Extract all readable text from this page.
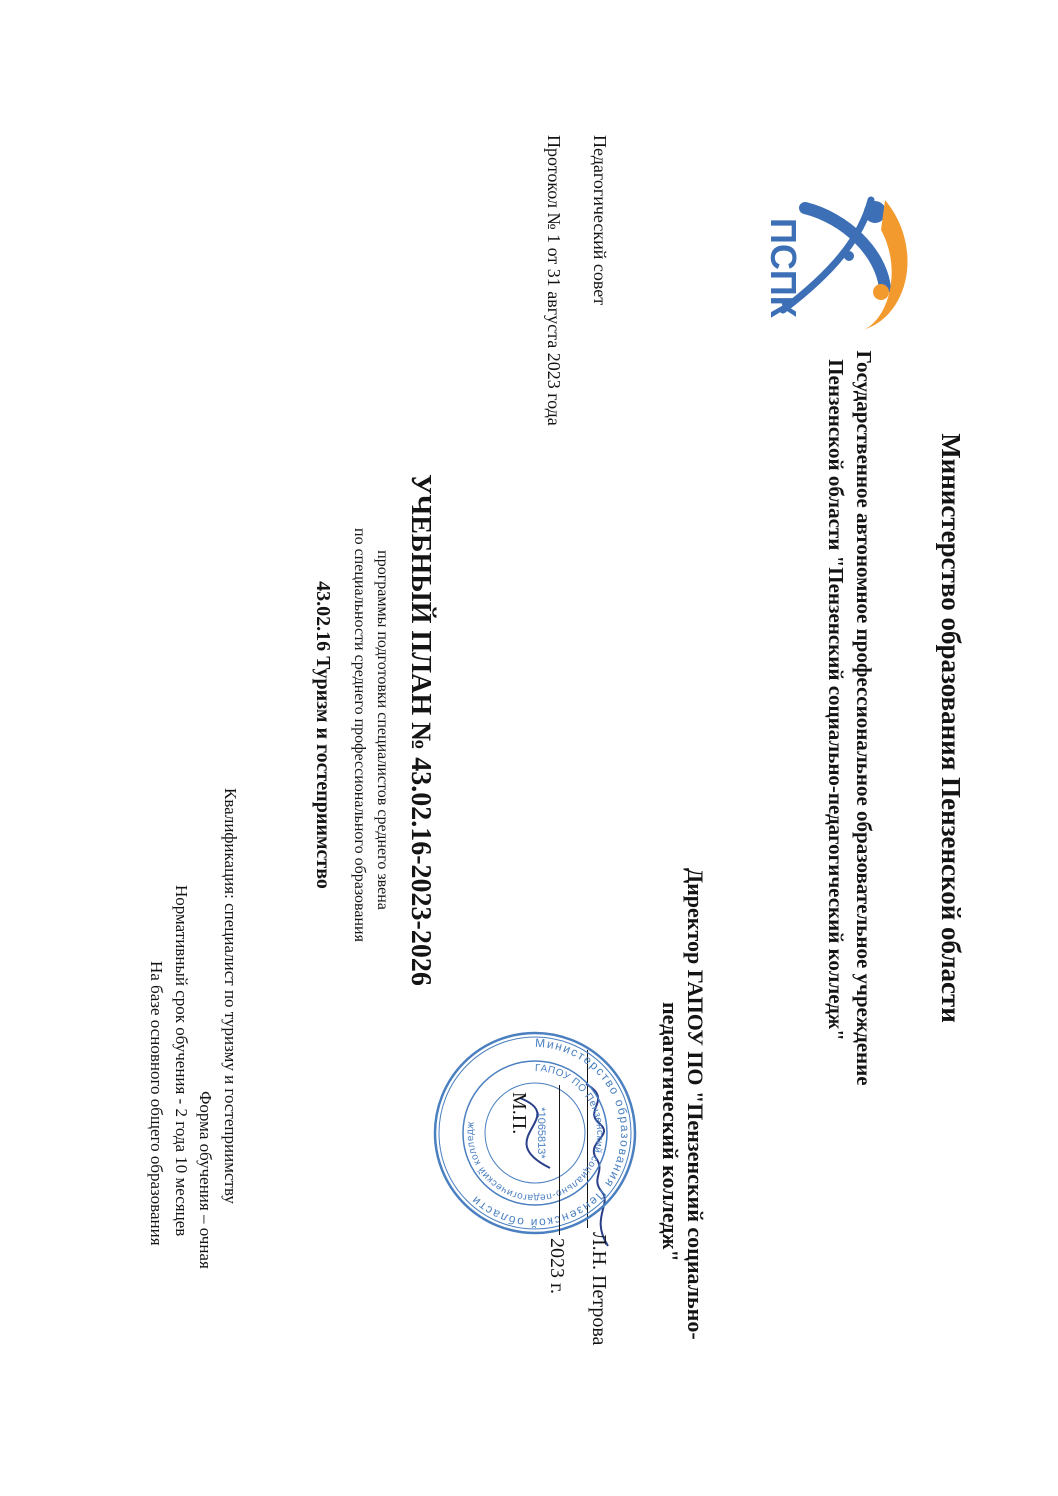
ПСПК
Министерство образования Пензенской области
Государственное автономное профессиональное образовательное учреждение
Пензенской области "Пензенский социально-педагогический колледж"
Педагогический совет
Протокол № 1 от 31 августа 2023 года
Директор ГАПОУ ПО "Пензенский социально-
педагогический колледж"
Л.Н. Петрова
Министерство образования Пензенской области
ГАПОУ ПО Пензенский социально-педагогический колледж	*1065813*
2023 г.
М.П.
УЧЕБНЫЙ ПЛАН № 43.02.16-2023-2026
программы подготовки специалистов среднего звена
по специальности среднего профессионального образования
43.02.16 Туризм и гостеприимство
Квалификация: специалист по туризму и гостеприимству
Форма обучения – очная
Нормативный срок обучения - 2 года 10 месяцев
На базе основного общего образования
